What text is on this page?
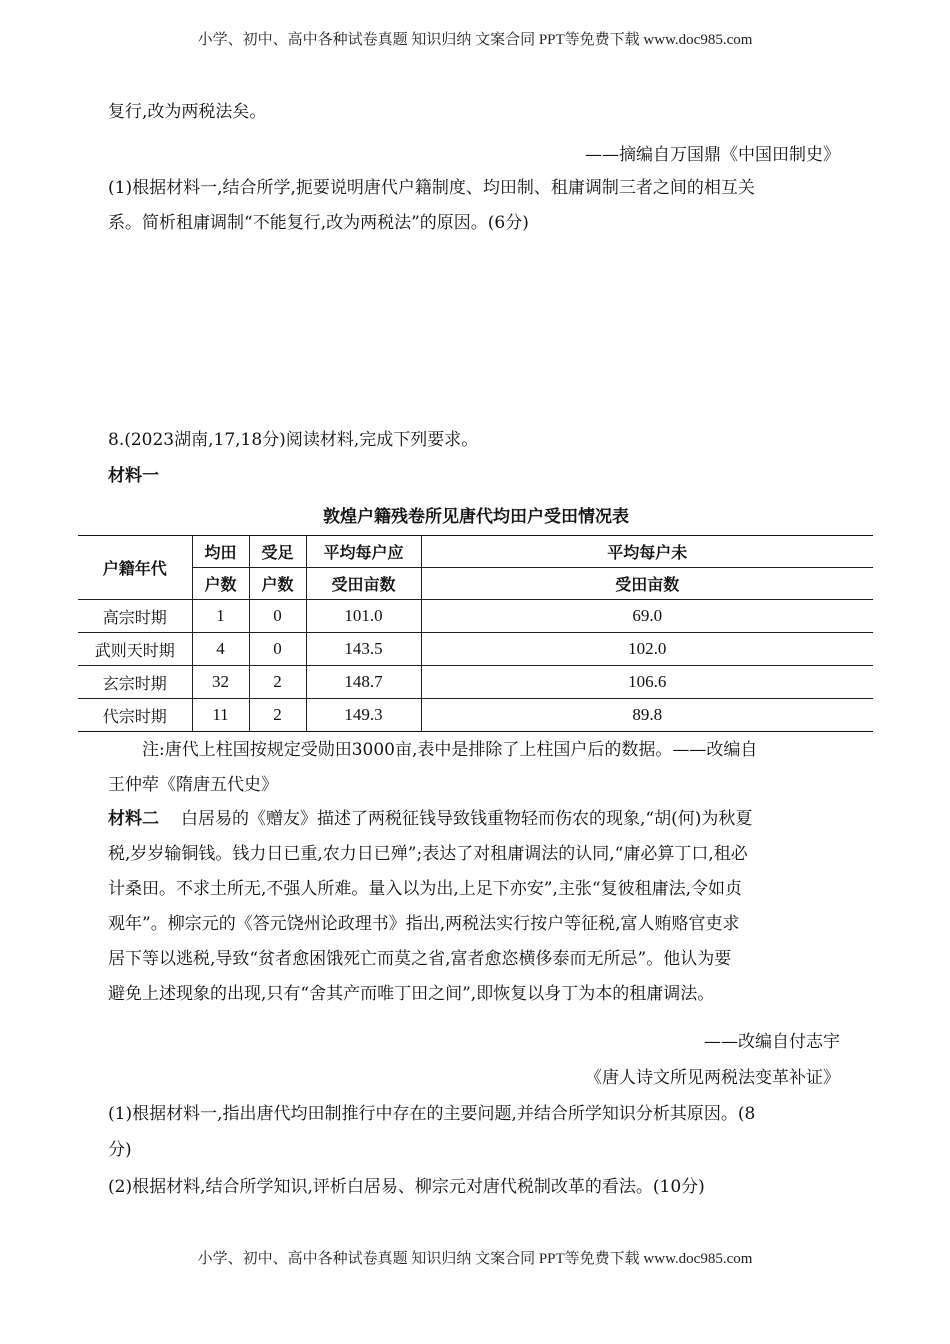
小学、初中、高中各种试卷真题 知识归纳 文案合同 PPT等免费下载 www.doc985.com
复行,改为两税法矣。
——摘编自万国鼎《中国田制史》
(1)根据材料一,结合所学,扼要说明唐代户籍制度、均田制、租庸调制三者之间的相互关
系。简析租庸调制“不能复行,改为两税法”的原因。(6分)
8.(2023湖南,17,18分)阅读材料,完成下列要求。
材料一
敦煌户籍残卷所见唐代均田户受田情况表
户籍年代	均田	受足	平均每户应	平均每户未
	户数	户数	受田亩数	受田亩数
高宗时期	1	0	101.0	69.0
武则天时期	4	0	143.5	102.0
玄宗时期	32	2	148.7	106.6
代宗时期	11	2	149.3	89.8
注:唐代上柱国按规定受勋田3000亩,表中是排除了上柱国户后的数据。——改编自
王仲荦《隋唐五代史》
材料二 白居易的《赠友》描述了两税征钱导致钱重物轻而伤农的现象,“胡(何)为秋夏
税,岁岁输铜钱。钱力日已重,农力日已殚”;表达了对租庸调法的认同,“庸必算丁口,租必
计桑田。不求土所无,不强人所难。量入以为出,上足下亦安”,主张“复彼租庸法,令如贞
观年”。柳宗元的《答元饶州论政理书》指出,两税法实行按户等征税,富人贿赂官吏求
居下等以逃税,导致“贫者愈困饿死亡而莫之省,富者愈恣横侈泰而无所忌”。他认为要
避免上述现象的出现,只有“舍其产而唯丁田之间”,即恢复以身丁为本的租庸调法。
——改编自付志宇
《唐人诗文所见两税法变革补证》
(1)根据材料一,指出唐代均田制推行中存在的主要问题,并结合所学知识分析其原因。(8
分)
(2)根据材料,结合所学知识,评析白居易、柳宗元对唐代税制改革的看法。(10分)
小学、初中、高中各种试卷真题 知识归纳 文案合同 PPT等免费下载 www.doc985.com
